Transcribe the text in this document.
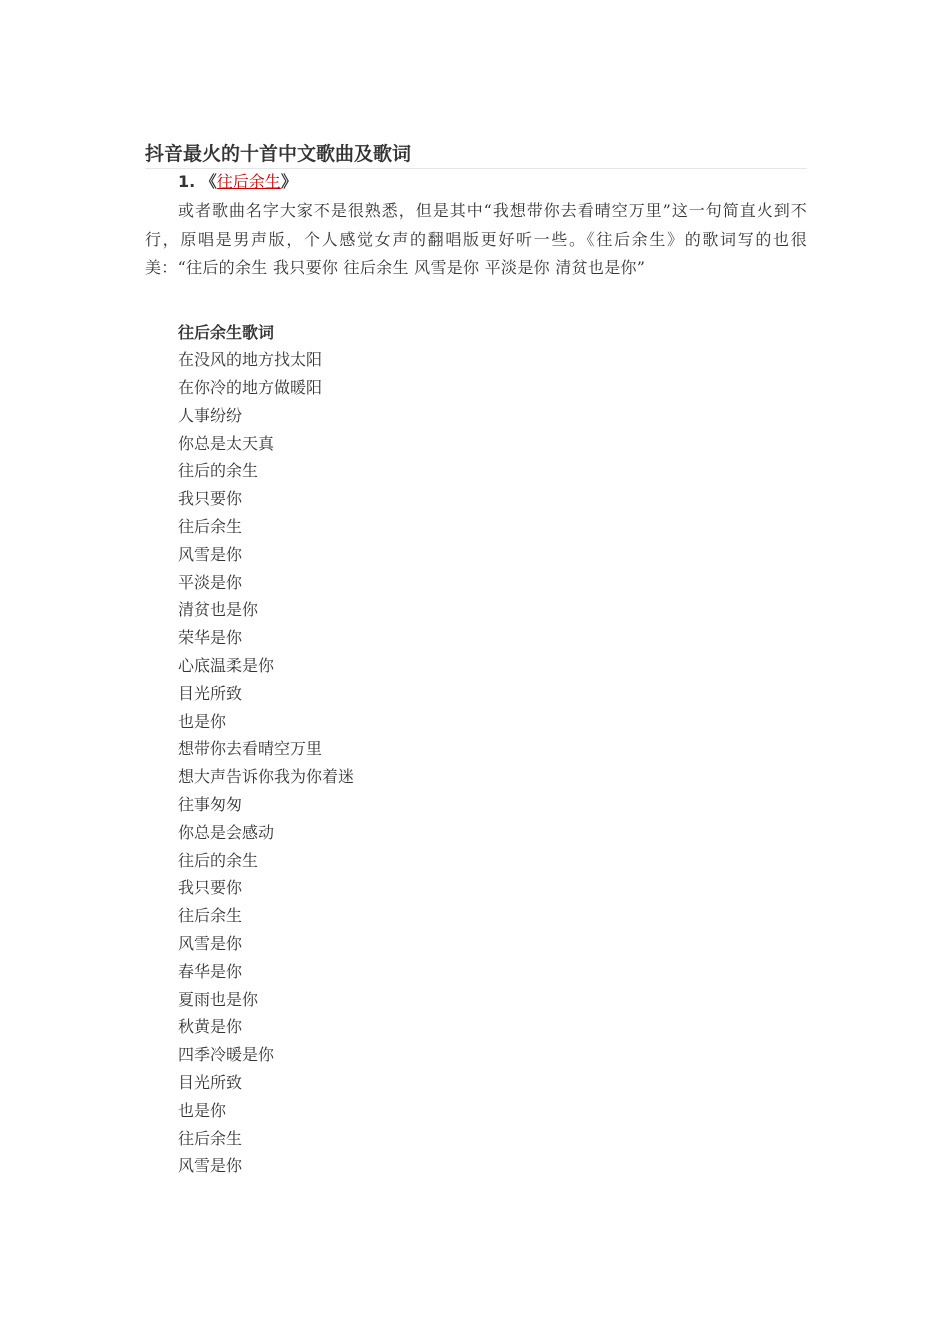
抖音最火的十首中文歌曲及歌词
1. 《往后余生》

或者歌曲名字大家不是很熟悉，但是其中“我想带你去看晴空万里”这一句简直火到不行，原唱是男声版，个人感觉女声的翻唱版更好听一些。《往后余生》的歌词写的也很美：“往后的余生 我只要你 往后余生 风雪是你 平淡是你 清贫也是你”

往后余生歌词
在没风的地方找太阳
在你冷的地方做暖阳
人事纷纷
你总是太天真
往后的余生
我只要你
往后余生
风雪是你
平淡是你
清贫也是你
荣华是你
心底温柔是你
目光所致
也是你
想带你去看晴空万里
想大声告诉你我为你着迷
往事匆匆
你总是会感动
往后的余生
我只要你
往后余生
风雪是你
春华是你
夏雨也是你
秋黄是你
四季冷暖是你
目光所致
也是你
往后余生
风雪是你
